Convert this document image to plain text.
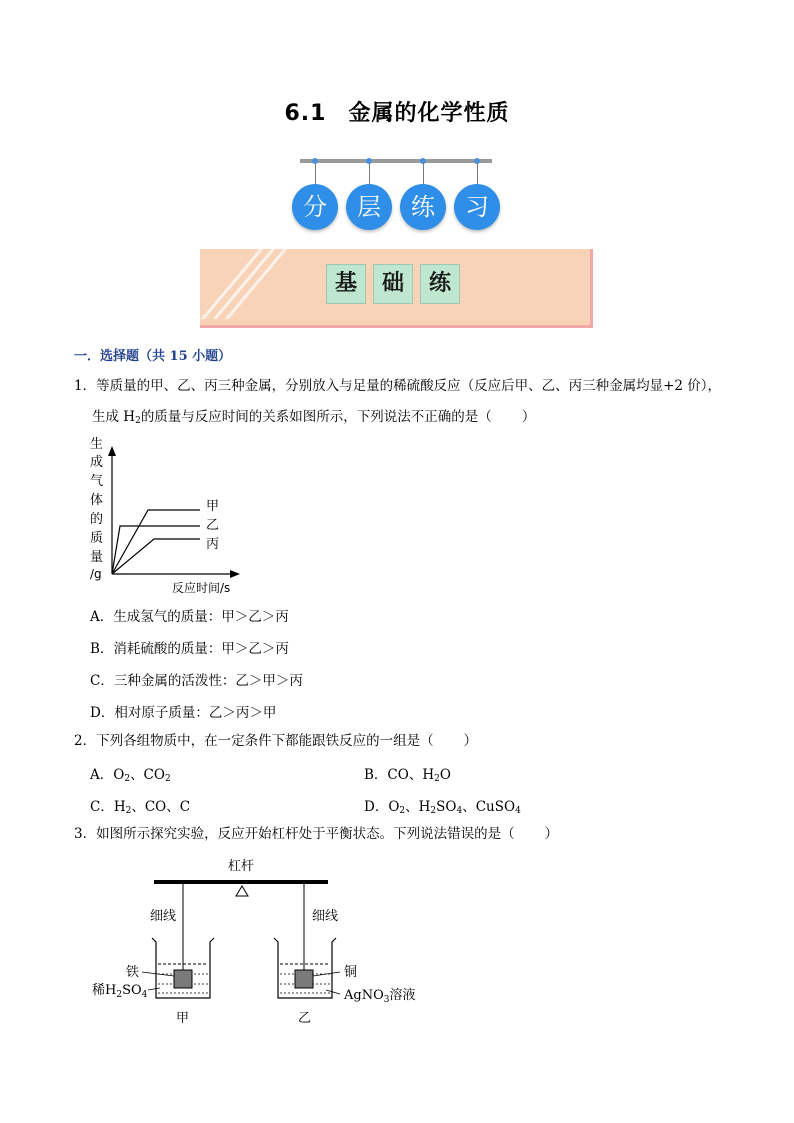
6.1 金属的化学性质
分	层	练	习
基	础	练
一．选择题（共 15 小题）
1．等质量的甲、乙、丙三种金属，分别放入与足量的稀硫酸反应（反应后甲、乙、丙三种金属均显+2 价），
生成 $H_2$的质量与反应时间的关系如图所示，下列说法不正确的是（ ）
生
成
气
体
的
质
量
/g
反应时间/s
甲
乙
丙
A．生成氢气的质量：甲＞乙＞丙
B．消耗硫酸的质量：甲＞乙＞丙
C．三种金属的活泼性：乙＞甲＞丙
D．相对原子质量：乙＞丙＞甲
2．下列各组物质中，在一定条件下都能跟铁反应的一组是（ ）
A．$O_2$、$CO_2$	B．CO、$H_2O$
C．$H_2$、CO、C	D．$O_2$、$H_2SO_4$、CuSO$_4$
3．如图所示探究实验，反应开始杠杆处于平衡状态。下列说法错误的是（ ）
杠杆
细线	细线
铁
稀$H_2SO_4$
铜
AgNO$_3$溶液
甲	乙
